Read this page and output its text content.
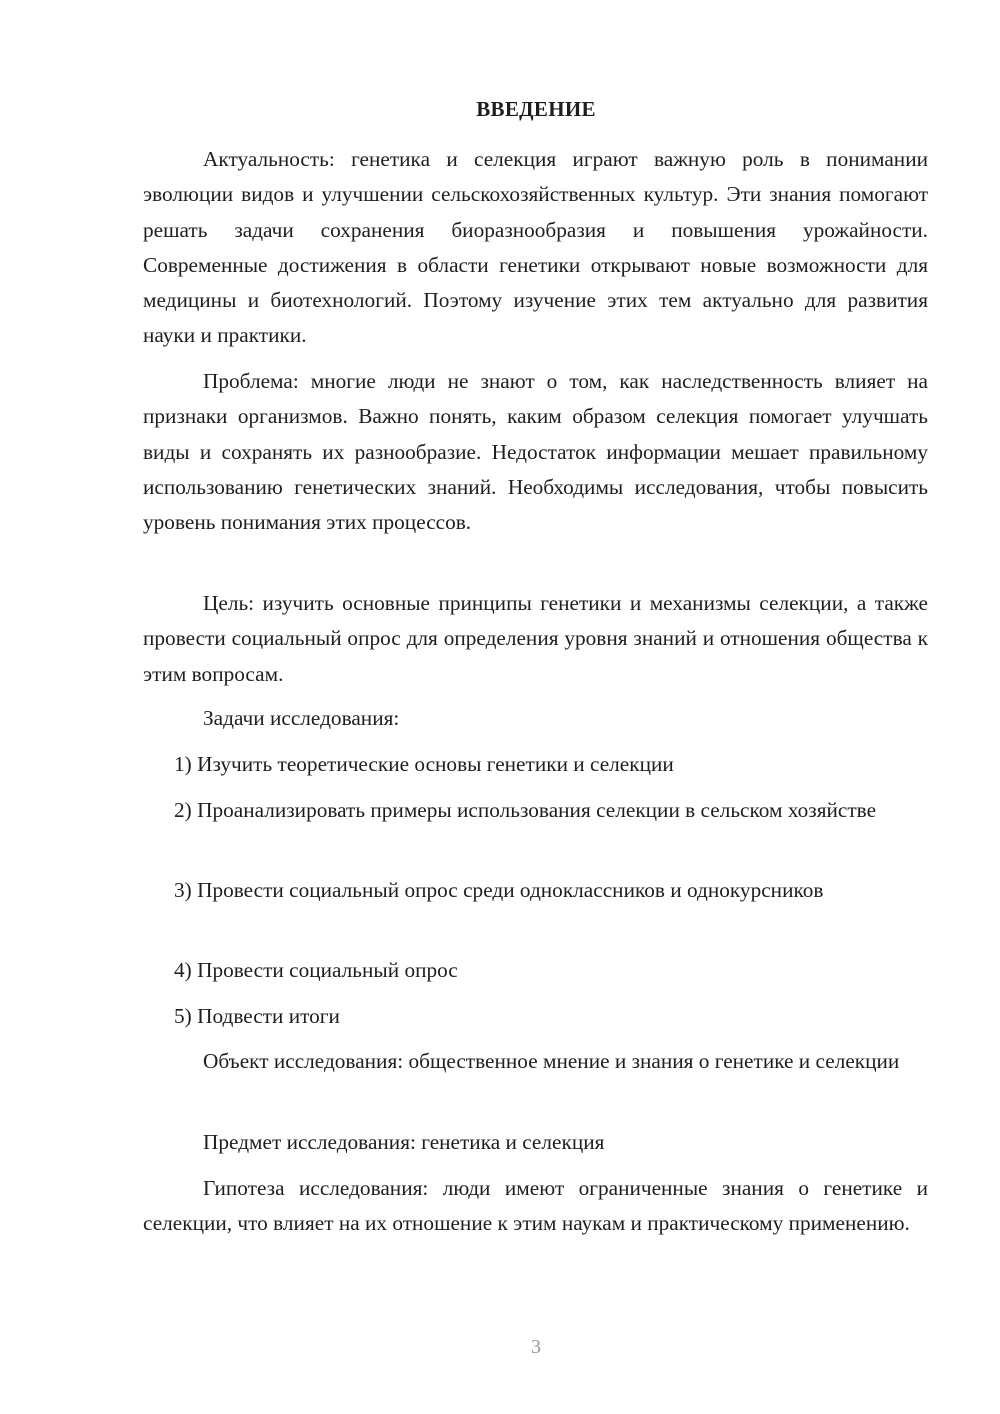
ВВЕДЕНИЕ

Актуальность: генетика и селекция играют важную роль в понимании эволюции видов и улучшении сельскохозяйственных культур. Эти знания помогают решать задачи сохранения биоразнообразия и повышения урожайности. Современные достижения в области генетики открывают новые возможности для медицины и биотехнологий. Поэтому изучение этих тем актуально для развития науки и практики.

Проблема: многие люди не знают о том, как наследственность влияет на признаки организмов. Важно понять, каким образом селекция помогает улучшать виды и сохранять их разнообразие. Недостаток информации мешает правильному использованию генетических знаний. Необходимы исследования, чтобы повысить уровень понимания этих процессов.

Цель: изучить основные принципы генетики и механизмы селекции, а также провести социальный опрос для определения уровня знаний и отношения общества к этим вопросам.

Задачи исследования:

1) Изучить теоретические основы генетики и селекции

2) Проанализировать примеры использования селекции в сельском хозяйстве

3) Провести социальный опрос среди одноклассников и однокурсников

4) Провести социальный опрос

5) Подвести итоги

Объект исследования: общественное мнение и знания о генетике и селекции

Предмет исследования: генетика и селекция

Гипотеза исследования: люди имеют ограниченные знания о генетике и селекции, что влияет на их отношение к этим наукам и практическому применению.

3
